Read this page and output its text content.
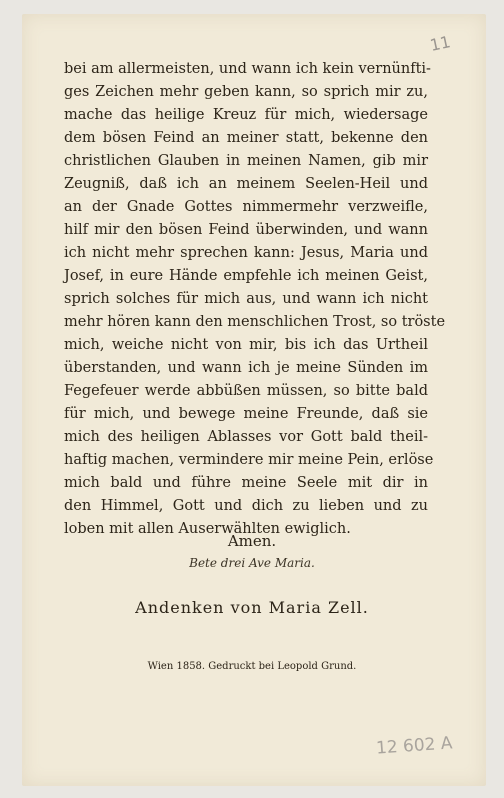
11
bei am allermeisten, und wann ich kein vernünfti-
ges Zeichen mehr geben kann, so sprich mir zu,
mache das heilige Kreuz für mich, wiedersage
dem bösen Feind an meiner statt, bekenne den
christlichen Glauben in meinen Namen, gib mir
Zeugniß, daß ich an meinem Seelen-Heil und
an der Gnade Gottes nimmermehr verzweifle,
hilf mir den bösen Feind überwinden, und wann
ich nicht mehr sprechen kann: Jesus, Maria und
Josef, in eure Hände empfehle ich meinen Geist,
sprich solches für mich aus, und wann ich nicht
mehr hören kann den menschlichen Trost, so tröste
mich, weiche nicht von mir, bis ich das Urtheil
überstanden, und wann ich je meine Sünden im
Fegefeuer werde abbüßen müssen, so bitte bald
für mich, und bewege meine Freunde, daß sie
mich des heiligen Ablasses vor Gott bald theil-
haftig machen, vermindere mir meine Pein, erlöse
mich bald und führe meine Seele mit dir in
den Himmel, Gott und dich zu lieben und zu
loben mit allen Auserwählten ewiglich.
Amen.
Bete drei Ave Maria.
Andenken von Maria Zell.
Wien 1858. Gedruckt bei Leopold Grund.
12 602 A
